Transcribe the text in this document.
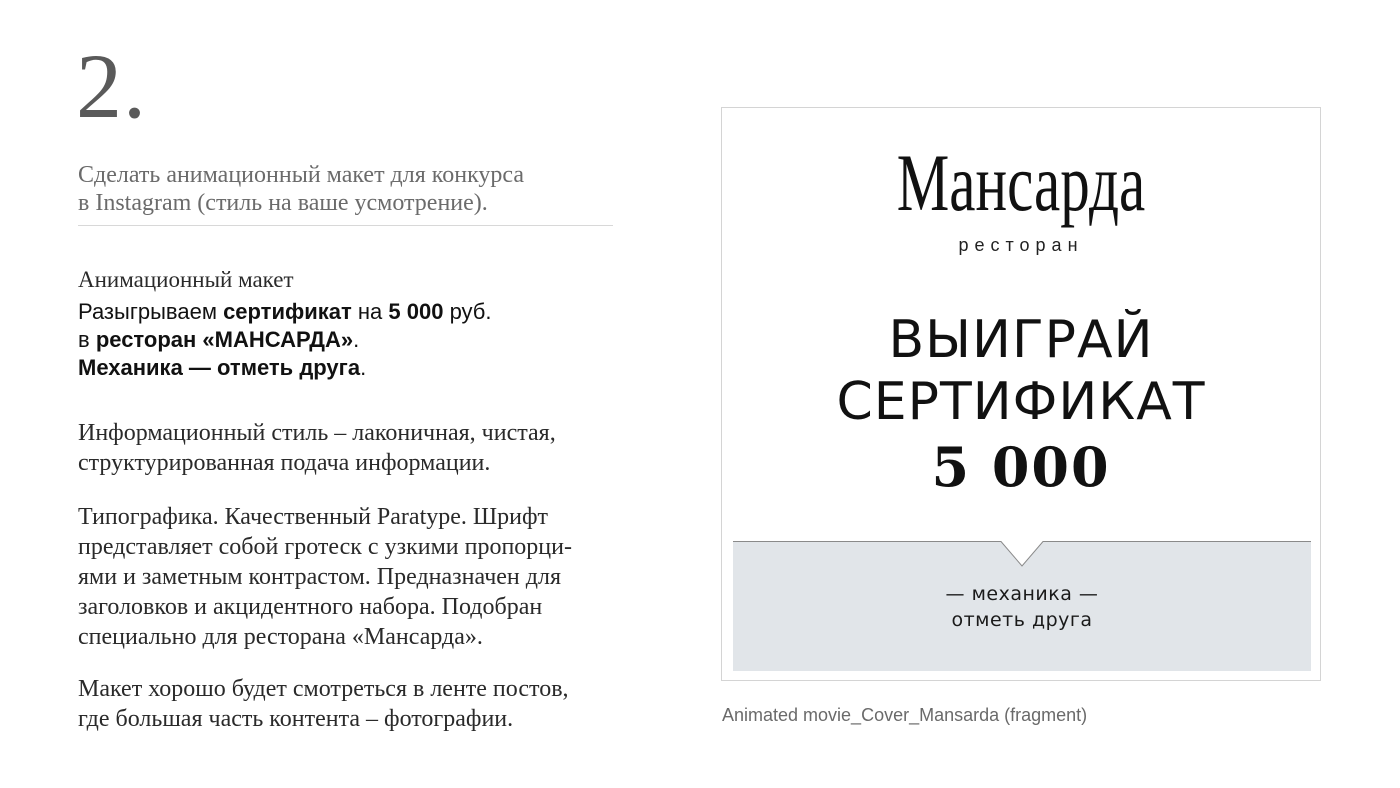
2.

Сделать анимационный макет для конкурса
в Instagram (стиль на ваше усмотрение).

Анимационный макет

Разыгрываем сертификат на 5 000 руб.
в ресторан «МАНСАРДА».
Механика — отметь друга.

Информационный стиль – лаконичная, чистая,
структурированная подача информации.

Типографика. Качественный Paratype. Шрифт
представляет собой гротеск с узкими пропорци-
ями и заметным контрастом. Предназначен для
заголовков и акцидентного набора. Подобран
специально для ресторана «Мансарда».

Макет хорошо будет смотреться в ленте постов,
где большая часть контента – фотографии.

Мансарда
ресторан
ВЫИГРАЙ
СЕРТИФИКАТ
5 000
— механика —
отметь друга
Animated movie_Cover_Mansarda (fragment)
